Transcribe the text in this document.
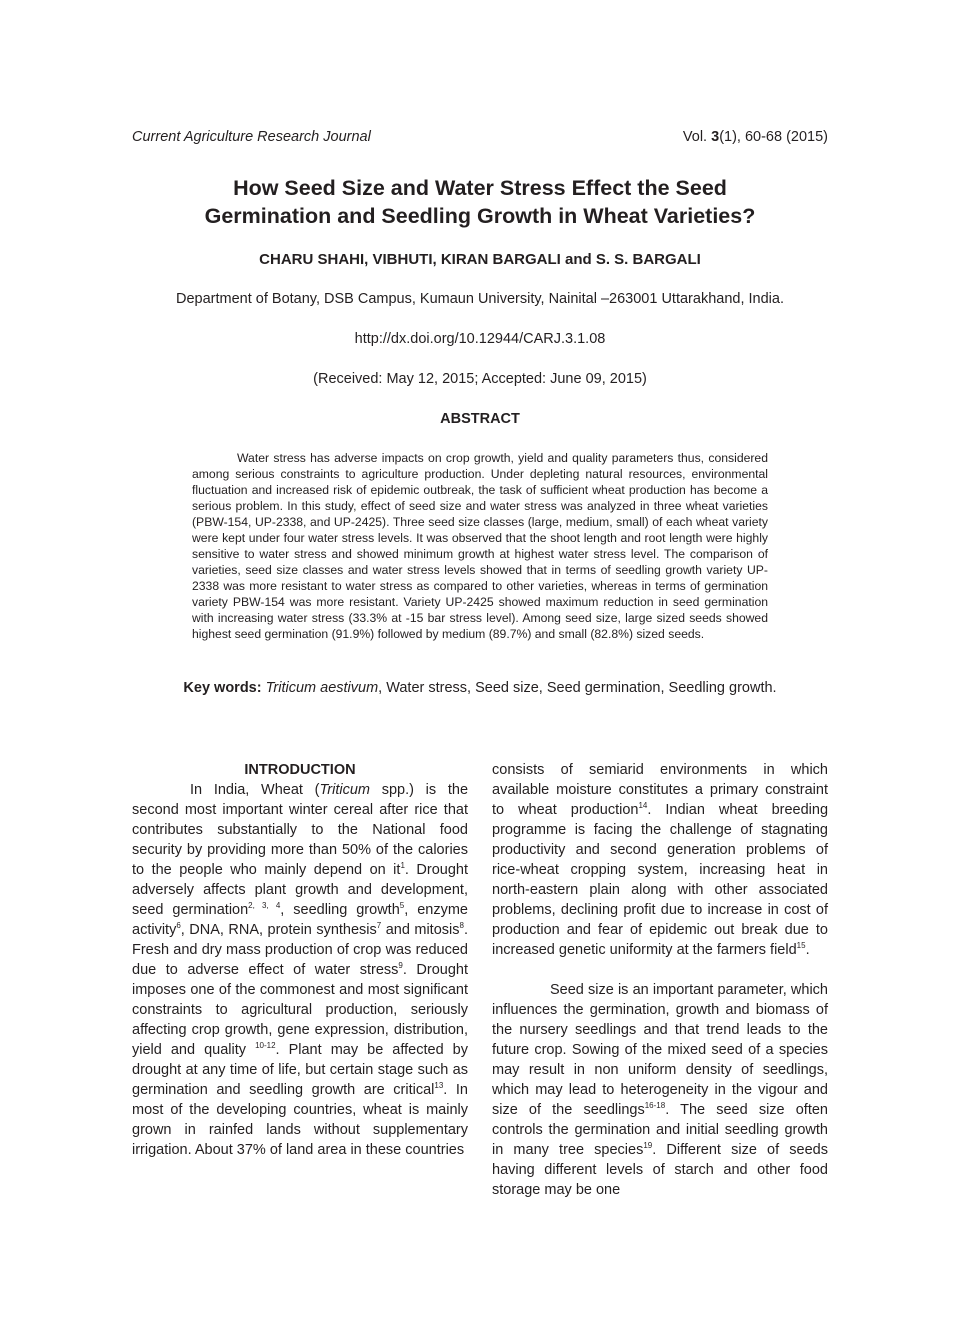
Current Agriculture Research Journal	Vol. 3(1), 60-68 (2015)
How Seed Size and Water Stress Effect the Seed
Germination and Seedling Growth in Wheat Varieties?
CHARU SHAHI, VIBHUTI, KIRAN BARGALI and S. S. BARGALI
Department of Botany, DSB Campus, Kumaun University, Nainital –263001 Uttarakhand, India.
http://dx.doi.org/10.12944/CARJ.3.1.08
(Received: May 12, 2015; Accepted: June 09, 2015)
ABSTRACT

Water stress has adverse impacts on crop growth, yield and quality parameters thus, considered among serious constraints to agriculture production. Under depleting natural resources, environmental fluctuation and increased risk of epidemic outbreak, the task of sufficient wheat production has become a serious problem. In this study, effect of seed size and water stress was analyzed in three wheat varieties (PBW-154, UP-2338, and UP-2425). Three seed size classes (large, medium, small) of each wheat variety were kept under four water stress levels. It was observed that the shoot length and root length were highly sensitive to water stress and showed minimum growth at highest water stress level. The comparison of varieties, seed size classes and water stress levels showed that in terms of seedling growth variety UP-2338 was more resistant to water stress as compared to other varieties, whereas in terms of germination variety PBW-154 was more resistant. Variety UP-2425 showed maximum reduction in seed germination with increasing water stress (33.3% at -15 bar stress level). Among seed size, large sized seeds showed highest seed germination (91.9%) followed by medium (89.7%) and small (82.8%) sized seeds.

Key words: Triticum aestivum, Water stress, Seed size, Seed germination, Seedling growth.

INTRODUCTION

In India, Wheat (Triticum spp.) is the second most important winter cereal after rice that contributes substantially to the National food security by providing more than 50% of the calories to the people who mainly depend on $it^1$. Drought adversely affects plant growth and development, seed germination$^{2, 3, 4}$, seedling growth$^5$, enzyme activity$^6$, DNA, RNA, protein synthesis$^7$ and mitosis$^8$. Fresh and dry mass production of crop was reduced due to adverse effect of water stress$^9$. Drought imposes one of the commonest and most significant constraints to agricultural production, seriously affecting crop growth, gene expression, distribution, yield and quality $^{10-12}$. Plant may be affected by drought at any time of life, but certain stage such as germination and seedling growth are critical$^{13}$. In most of the developing countries, wheat is mainly grown in rainfed lands without supplementary irrigation. About 37% of land area in these countries

consists of semiarid environments in which available moisture constitutes a primary constraint to wheat production$^{14}$. Indian wheat breeding programme is facing the challenge of stagnating productivity and second generation problems of rice-wheat cropping system, increasing heat in north-eastern plain along with other associated problems, declining profit due to increase in cost of production and fear of epidemic out break due to increased genetic uniformity at the farmers field$^{15}$.

Seed size is an important parameter, which influences the germination, growth and biomass of the nursery seedlings and that trend leads to the future crop. Sowing of the mixed seed of a species may result in non uniform density of seedlings, which may lead to heterogeneity in the vigour and size of the seedlings$^{16-18}$. The seed size often controls the germination and initial seedling growth in many tree species$^{19}$. Different size of seeds having different levels of starch and other food storage may be one
